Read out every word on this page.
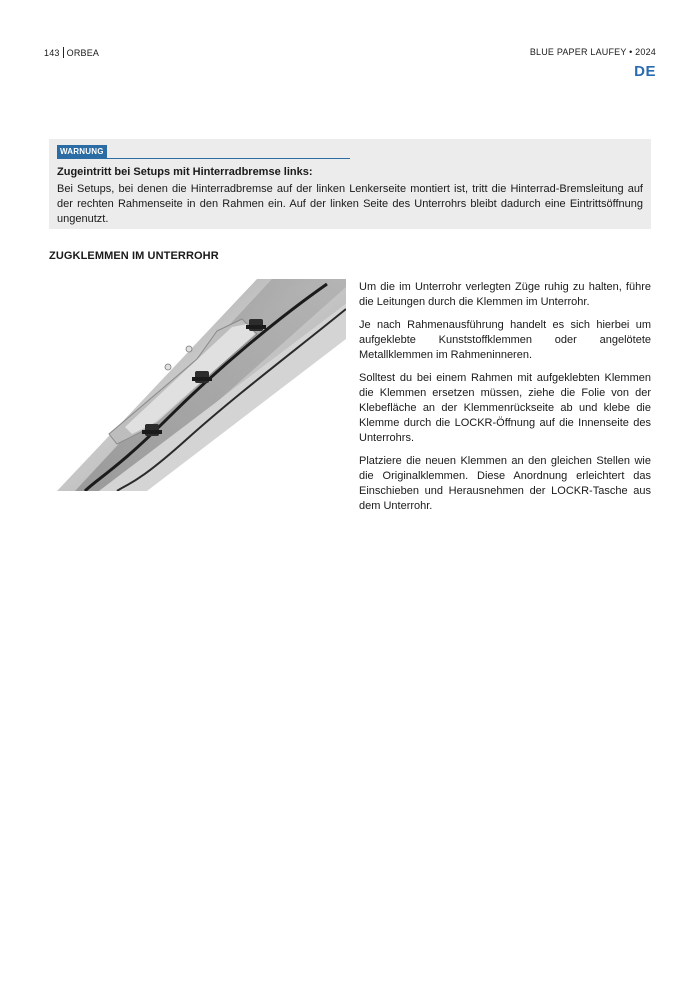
143 ORBEA	BLUE PAPER LAUFEY • 2024
DE
WARNUNG
Zugeintritt bei Setups mit Hinterradbremse links:
Bei Setups, bei denen die Hinterradbremse auf der linken Lenkerseite montiert ist, tritt die Hinterrad-Bremsleitung auf der rechten Rahmenseite in den Rahmen ein. Auf der linken Seite des Unterrohrs bleibt dadurch eine Eintrittsöffnung ungenutzt.
ZUGKLEMMEN IM UNTERROHR

Um die im Unterrohr verlegten Züge ruhig zu halten, führe die Leitungen durch die Klemmen im Unterrohr.

Je nach Rahmenausführung handelt es sich hierbei um aufgeklebte Kunststoffklemmen oder angelötete Metallklemmen im Rahmeninneren.

Solltest du bei einem Rahmen mit aufgeklebten Klemmen die Klemmen ersetzen müssen, ziehe die Folie von der Klebefläche an der Klemmenrückseite ab und klebe die Klemme durch die LOCKR-Öffnung auf die Innenseite des Unterrohrs.

Platziere die neuen Klemmen an den gleichen Stellen wie die Originalklemmen. Diese Anordnung erleichtert das Einschieben und Herausnehmen der LOCKR-Tasche aus dem Unterrohr.
